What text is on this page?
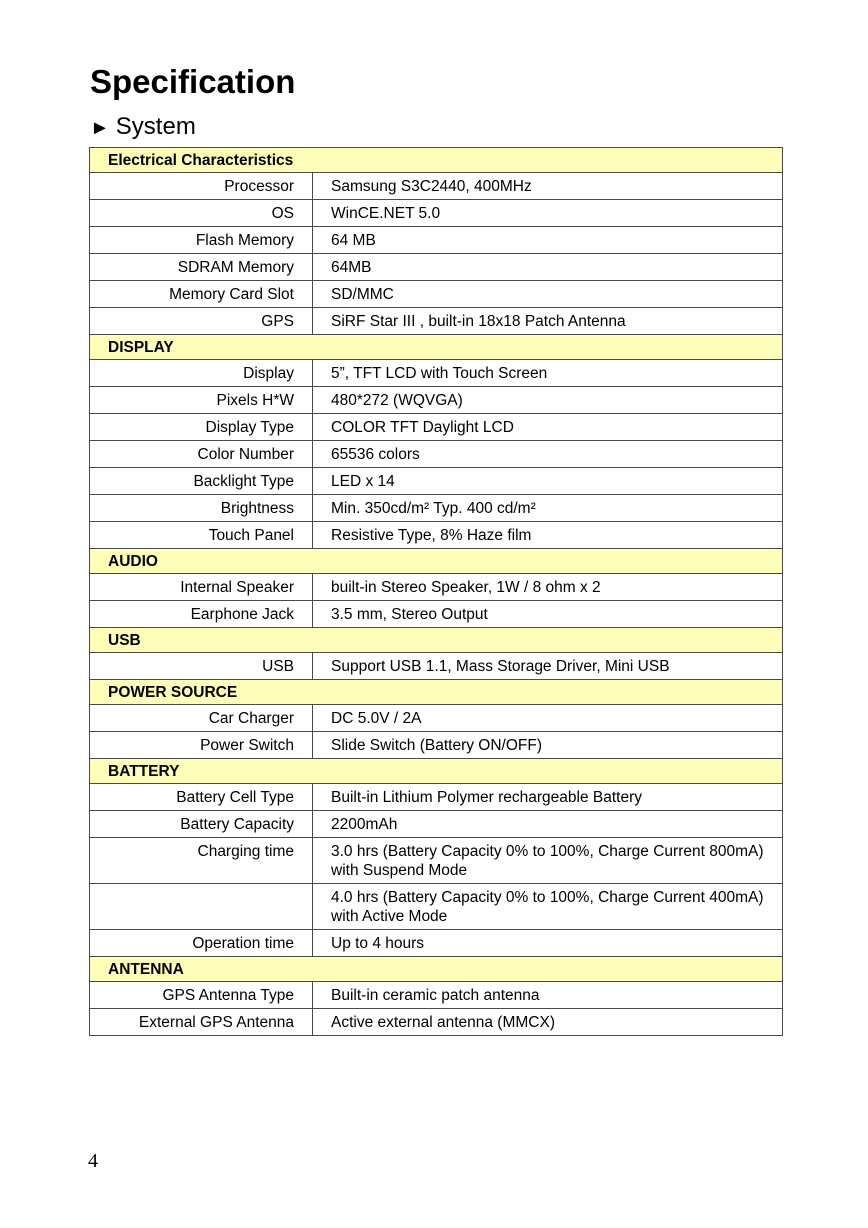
Specification

► System

Electrical Characteristics	
Processor	Samsung S3C2440, 400MHz
OS	WinCE.NET 5.0
Flash Memory	64 MB
SDRAM Memory	64MB
Memory Card Slot	SD/MMC
GPS	SiRF Star III , built-in 18x18 Patch Antenna
DISPLAY	
Display	5”, TFT LCD with Touch Screen
Pixels H*W	480*272 (WQVGA)
Display Type	COLOR TFT Daylight LCD
Color Number	65536 colors
Backlight Type	LED x 14
Brightness	Min. 350cd/m² Typ. 400 cd/m²
Touch Panel	Resistive Type, 8% Haze film
AUDIO	
Internal Speaker	built-in Stereo Speaker, 1W / 8 ohm x 2
Earphone Jack	3.5 mm, Stereo Output
USB	
USB	Support USB 1.1, Mass Storage Driver, Mini USB
POWER SOURCE	
Car Charger	DC 5.0V / 2A
Power Switch	Slide Switch (Battery ON/OFF)
BATTERY	
Battery Cell Type	Built-in Lithium Polymer rechargeable Battery
Battery Capacity	2200mAh
Charging time	3.0 hrs (Battery Capacity 0% to 100%, Charge Current 800mA) with Suspend Mode
	4.0 hrs (Battery Capacity 0% to 100%, Charge Current 400mA) with Active Mode
Operation time	Up to 4 hours
ANTENNA	
GPS Antenna Type	Built-in ceramic patch antenna
External GPS Antenna	Active external antenna (MMCX)

4
